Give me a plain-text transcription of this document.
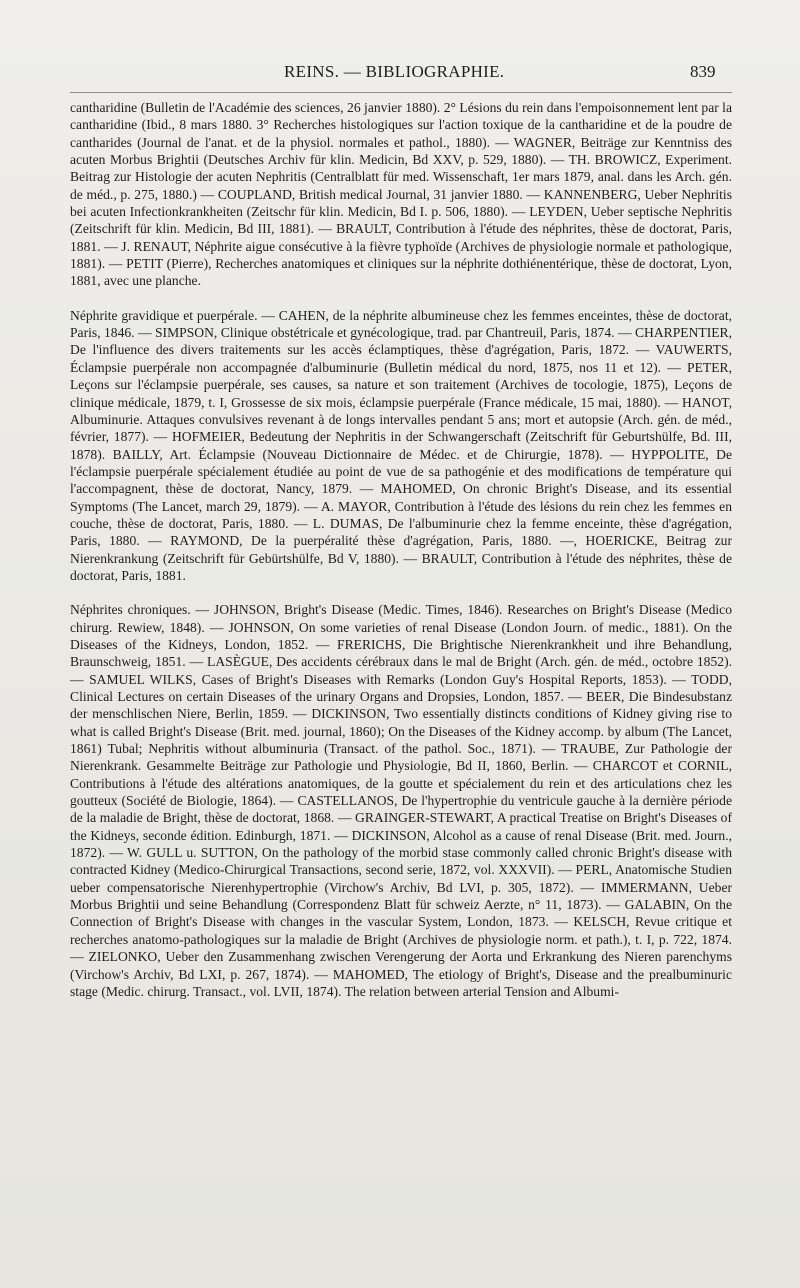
REINS. — BIBLIOGRAPHIE.	839

cantharidine (Bulletin de l'Académie des sciences, 26 janvier 1880). 2° Lésions du rein dans l'empoisonnement lent par la cantharidine (Ibid., 8 mars 1880. 3° Recherches histologiques sur l'action toxique de la cantharidine et de la poudre de cantharides (Journal de l'anat. et de la physiol. normales et pathol., 1880). — WAGNER, Beiträge zur Kenntniss des acuten Morbus Brightii (Deutsches Archiv für klin. Medicin, Bd XXV, p. 529, 1880). — TH. BROWICZ, Experiment. Beitrag zur Histologie der acuten Nephritis (Centralblatt für med. Wissenschaft, 1er mars 1879, anal. dans les Arch. gén. de méd., p. 275, 1880.) — COUPLAND, British medical Journal, 31 janvier 1880. — KANNENBERG, Ueber Nephritis bei acuten Infectionkrankheiten (Zeitschr für klin. Medicin, Bd I. p. 506, 1880). — LEYDEN, Ueber septische Nephritis (Zeitschrift für klin. Medicin, Bd III, 1881). — BRAULT, Contribution à l'étude des néphrites, thèse de doctorat, Paris, 1881. — J. RENAUT, Néphrite aigue consécutive à la fièvre typhoïde (Archives de physiologie normale et pathologique, 1881). — PETIT (Pierre), Recherches anatomiques et cliniques sur la néphrite dothiénentérique, thèse de doctorat, Lyon, 1881, avec une planche.

Néphrite gravidique et puerpérale. — CAHEN, de la néphrite albumineuse chez les femmes enceintes, thèse de doctorat, Paris, 1846. — SIMPSON, Clinique obstétricale et gynécologique, trad. par Chantreuil, Paris, 1874. — CHARPENTIER, De l'influence des divers traitements sur les accès éclamptiques, thèse d'agrégation, Paris, 1872. — VAUWERTS, Éclampsie puerpérale non accompagnée d'albuminurie (Bulletin médical du nord, 1875, nos 11 et 12). — PETER, Leçons sur l'éclampsie puerpérale, ses causes, sa nature et son traitement (Archives de tocologie, 1875), Leçons de clinique médicale, 1879, t. I, Grossesse de six mois, éclampsie puerpérale (France médicale, 15 mai, 1880). — HANOT, Albuminurie. Attaques convulsives revenant à de longs intervalles pendant 5 ans; mort et autopsie (Arch. gén. de méd., février, 1877). — HOFMEIER, Bedeutung der Nephritis in der Schwangerschaft (Zeitschrift für Geburtshülfe, Bd. III, 1878). BAILLY, Art. Éclampsie (Nouveau Dictionnaire de Médec. et de Chirurgie, 1878). — HYPPOLITE, De l'éclampsie puerpérale spécialement étudiée au point de vue de sa pathogénie et des modifications de température qui l'accompagnent, thèse de doctorat, Nancy, 1879. — MAHOMED, On chronic Bright's Disease, and its essential Symptoms (The Lancet, march 29, 1879). — A. MAYOR, Contribution à l'étude des lésions du rein chez les femmes en couche, thèse de doctorat, Paris, 1880. — L. DUMAS, De l'albuminurie chez la femme enceinte, thèse d'agrégation, Paris, 1880. — RAYMOND, De la puerpéralité thèse d'agrégation, Paris, 1880. —, HOERICKE, Beitrag zur Nierenkrankung (Zeitschrift für Gebürtshülfe, Bd V, 1880). — BRAULT, Contribution à l'étude des néphrites, thèse de doctorat, Paris, 1881.

Néphrites chroniques. — JOHNSON, Bright's Disease (Medic. Times, 1846). Researches on Bright's Disease (Medico chirurg. Rewiew, 1848). — JOHNSON, On some varieties of renal Disease (London Journ. of medic., 1881). On the Diseases of the Kidneys, London, 1852. — FRERICHS, Die Brightische Nierenkrankheit und ihre Behandlung, Braunschweig, 1851. — LASÈGUE, Des accidents cérébraux dans le mal de Bright (Arch. gén. de méd., octobre 1852). — SAMUEL WILKS, Cases of Bright's Diseases with Remarks (London Guy's Hospital Reports, 1853). — TODD, Clinical Lectures on certain Diseases of the urinary Organs and Dropsies, London, 1857. — BEER, Die Bindesubstanz der menschlischen Niere, Berlin, 1859. — DICKINSON, Two essentially distincts conditions of Kidney giving rise to what is called Bright's Disease (Brit. med. journal, 1860); On the Diseases of the Kidney accomp. by album (The Lancet, 1861) Tubal; Nephritis without albuminuria (Transact. of the pathol. Soc., 1871). — TRAUBE, Zur Pathologie der Nierenkrank. Gesammelte Beiträge zur Pathologie und Physiologie, Bd II, 1860, Berlin. — CHARCOT et CORNIL, Contributions à l'étude des altérations anatomiques, de la goutte et spécialement du rein et des articulations chez les goutteux (Société de Biologie, 1864). — CASTELLANOS, De l'hypertrophie du ventricule gauche à la dernière période de la maladie de Bright, thèse de doctorat, 1868. — GRAINGER-STEWART, A practical Treatise on Bright's Diseases of the Kidneys, seconde édition. Edinburgh, 1871. — DICKINSON, Alcohol as a cause of renal Disease (Brit. med. Journ., 1872). — W. GULL u. SUTTON, On the pathology of the morbid stase commonly called chronic Bright's disease with contracted Kidney (Medico-Chirurgical Transactions, second serie, 1872, vol. XXXVII). — PERL, Anatomische Studien ueber compensatorische Nierenhypertrophie (Virchow's Archiv, Bd LVI, p. 305, 1872). — IMMERMANN, Ueber Morbus Brightii und seine Behandlung (Correspondenz Blatt für schweiz Aerzte, n° 11, 1873). — GALABIN, On the Connection of Bright's Disease with changes in the vascular System, London, 1873. — KELSCH, Revue critique et recherches anatomo-pathologiques sur la maladie de Bright (Archives de physiologie norm. et path.), t. I, p. 722, 1874. — ZIELONKO, Ueber den Zusammenhang zwischen Verengerung der Aorta und Erkrankung des Nieren parenchyms (Virchow's Archiv, Bd LXI, p. 267, 1874). — MAHOMED, The etiology of Bright's, Disease and the prealbuminuric stage (Medic. chirurg. Transact., vol. LVII, 1874). The relation between arterial Tension and Albumi-
